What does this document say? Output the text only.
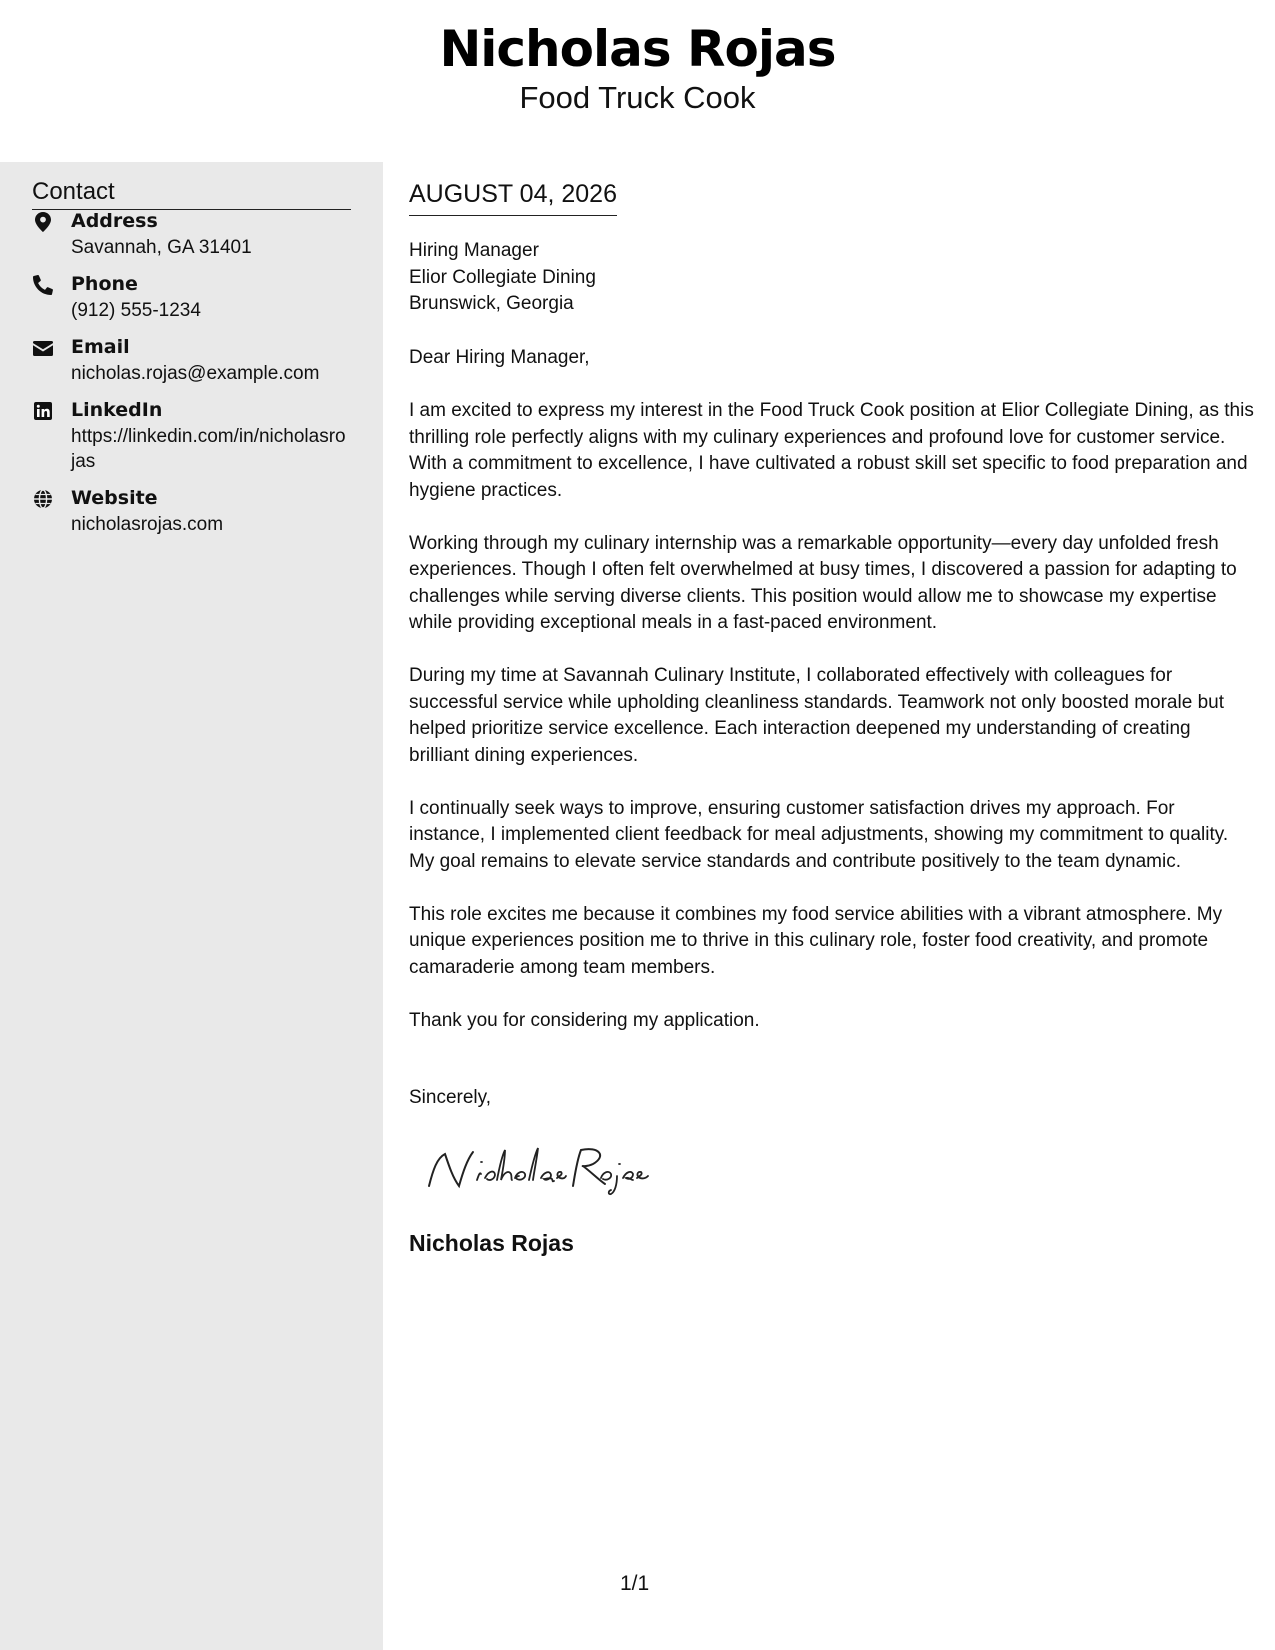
Nicholas Rojas
Food Truck Cook
Contact
Address
Savannah, GA 31401
Phone
(912) 555-1234
Email
nicholas.rojas@example.com
LinkedIn
https://linkedin.com/in/nicholasrojas
Website
nicholasrojas.com
AUGUST 04, 2026
Hiring Manager
Elior Collegiate Dining
Brunswick, Georgia

Dear Hiring Manager,

I am excited to express my interest in the Food Truck Cook position at Elior Collegiate Dining, as this thrilling role perfectly aligns with my culinary experiences and profound love for customer service. With a commitment to excellence, I have cultivated a robust skill set specific to food preparation and hygiene practices.

Working through my culinary internship was a remarkable opportunity—every day unfolded fresh experiences. Though I often felt overwhelmed at busy times, I discovered a passion for adapting to challenges while serving diverse clients. This position would allow me to showcase my expertise while providing exceptional meals in a fast-paced environment.

During my time at Savannah Culinary Institute, I collaborated effectively with colleagues for successful service while upholding cleanliness standards. Teamwork not only boosted morale but helped prioritize service excellence. Each interaction deepened my understanding of creating brilliant dining experiences.

I continually seek ways to improve, ensuring customer satisfaction drives my approach. For instance, I implemented client feedback for meal adjustments, showing my commitment to quality. My goal remains to elevate service standards and contribute positively to the team dynamic.

This role excites me because it combines my food service abilities with a vibrant atmosphere. My unique experiences position me to thrive in this culinary role, foster food creativity, and promote camaraderie among team members.

Thank you for considering my application.

Sincerely,
Nicholas Rojas
1/1
